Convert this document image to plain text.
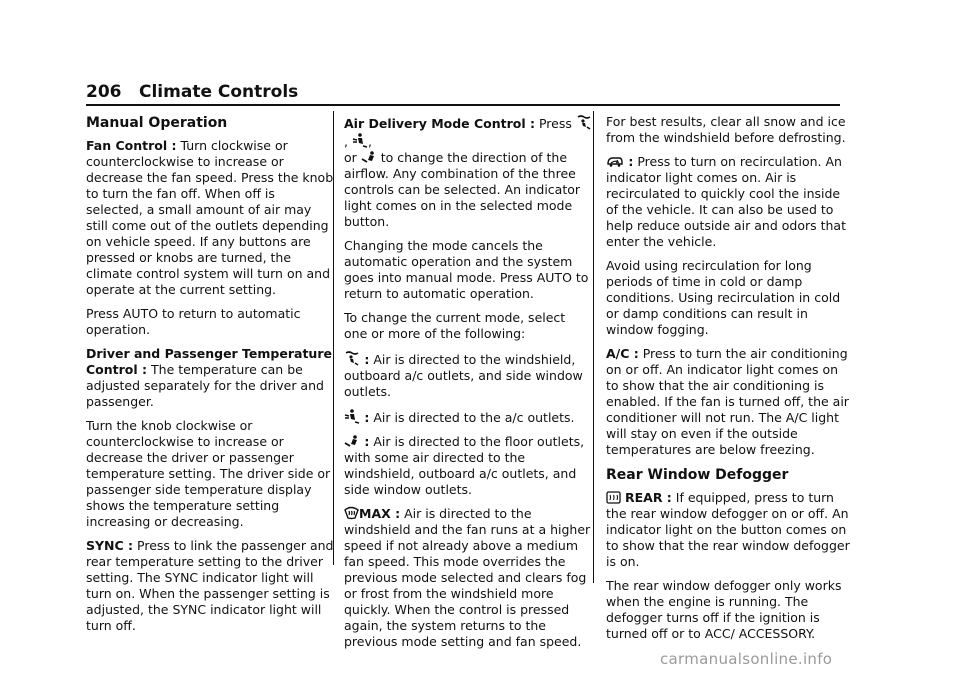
206 Climate Controls
Manual Operation

Fan Control : Turn clockwise or counterclockwise to increase or decrease the fan speed. Press the knob to turn the fan off. When off is selected, a small amount of air may still come out of the outlets depending on vehicle speed. If any buttons are pressed or knobs are turned, the climate control system will turn on and operate at the current setting.

Press AUTO to return to automatic operation.

Driver and Passenger Temperature Control : The temperature can be adjusted separately for the driver and passenger.

Turn the knob clockwise or counterclockwise to increase or decrease the driver or passenger temperature setting. The driver side or passenger side temperature display shows the temperature setting increasing or decreasing.

SYNC : Press to link the passenger and rear temperature setting to the driver setting. The SYNC indicator light will turn on. When the passenger setting is adjusted, the SYNC indicator light will turn off.

Air Delivery Mode Control : Press , ,
or  to change the direction of the airflow. Any combination of the three controls can be selected. An indicator light comes on in the selected mode button.

Changing the mode cancels the automatic operation and the system goes into manual mode. Press AUTO to return to automatic operation.

To change the current mode, select one or more of the following:

: Air is directed to the windshield, outboard a/c outlets, and side window outlets.

: Air is directed to the a/c outlets.

: Air is directed to the floor outlets, with some air directed to the windshield, outboard a/c outlets, and side window outlets.

MAX : Air is directed to the windshield and the fan runs at a higher speed if not already above a medium fan speed. This mode overrides the previous mode selected and clears fog or frost from the windshield more quickly. When the control is pressed again, the system returns to the previous mode setting and fan speed.

For best results, clear all snow and ice from the windshield before defrosting.

: Press to turn on recirculation. An indicator light comes on. Air is recirculated to quickly cool the inside of the vehicle. It can also be used to help reduce outside air and odors that enter the vehicle.

Avoid using recirculation for long periods of time in cold or damp conditions. Using recirculation in cold or damp conditions can result in window fogging.

A/C : Press to turn the air conditioning on or off. An indicator light comes on to show that the air conditioning is enabled. If the fan is turned off, the air conditioner will not run. The A/C light will stay on even if the outside temperatures are below freezing.

Rear Window Defogger

REAR : If equipped, press to turn the rear window defogger on or off. An indicator light on the button comes on to show that the rear window defogger is on.

The rear window defogger only works when the engine is running. The defogger turns off if the ignition is turned off or to ACC/ ACCESSORY.

carmanualsonline.info
